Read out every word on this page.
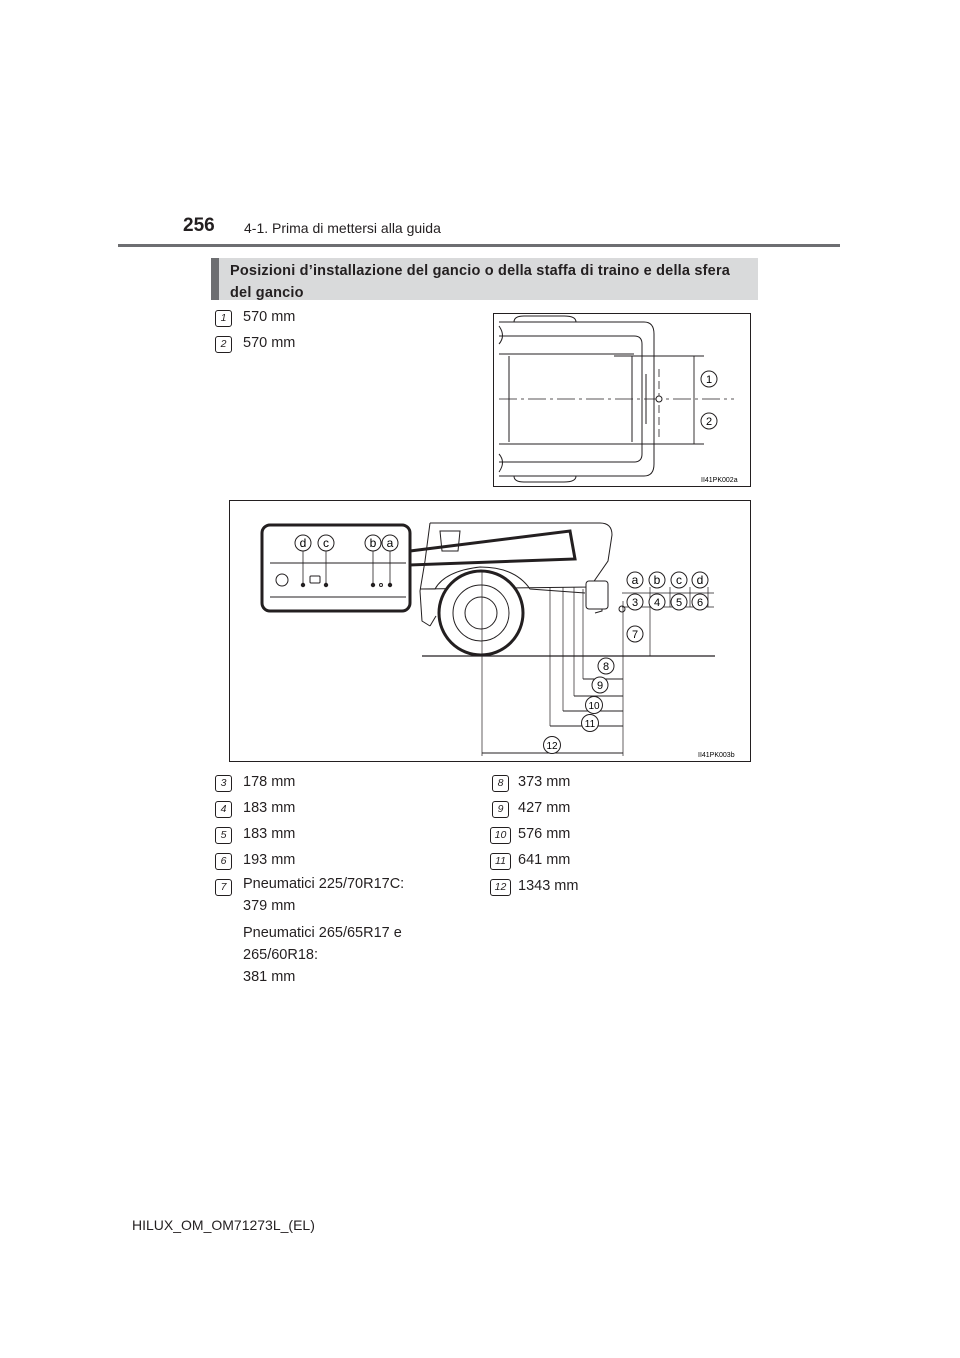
256 4-1. Prima di mettersi alla guida
Posizioni d’installazione del gancio o della staffa di traino e della sfera del gancio
1	570 mm
2	570 mm
1
2
II41PK002a
d c	b a
a b c d
3 4 5 6
7
8
9
10
11
12
II41PK003b
3	178 mm
4	183 mm
5	183 mm
6	193 mm
7	Pneumatici 225/70R17C:
379 mm
Pneumatici 265/65R17 e
265/60R18:
381 mm
8	373 mm
9	427 mm
10 576 mm
11 641 mm
12 1343 mm
HILUX_OM_OM71273L_(EL)
